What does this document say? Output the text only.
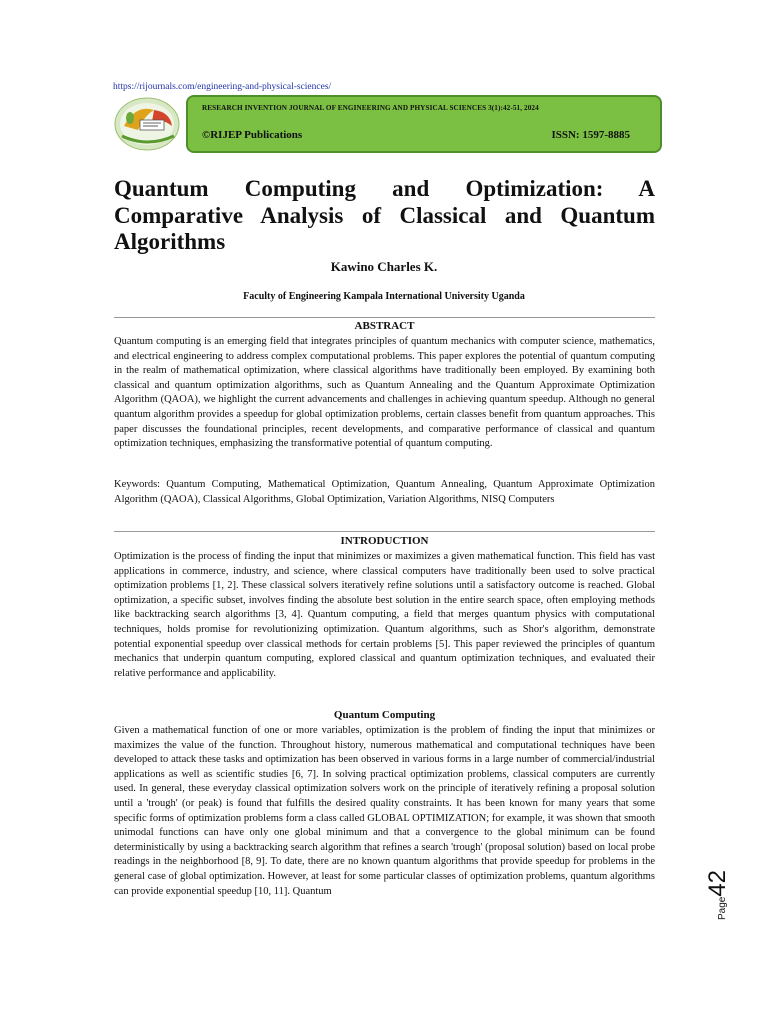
https://rijournals.com/engineering-and-physical-sciences/
RESEARCH INVENTION JOURNAL OF ENGINEERING AND PHYSICAL SCIENCES 3(1):42-51, 2024
©RIJEP Publications	ISSN: 1597-8885
Quantum Computing and Optimization: A Comparative Analysis of Classical and Quantum Algorithms
Kawino Charles K.
Faculty of Engineering Kampala International University Uganda
ABSTRACT

Quantum computing is an emerging field that integrates principles of quantum mechanics with computer science, mathematics, and electrical engineering to address complex computational problems. This paper explores the potential of quantum computing in the realm of mathematical optimization, where classical algorithms have traditionally been employed. By examining both classical and quantum optimization algorithms, such as Quantum Annealing and the Quantum Approximate Optimization Algorithm (QAOA), we highlight the current advancements and challenges in achieving quantum speedup. Although no general quantum algorithm provides a speedup for global optimization problems, certain classes benefit from quantum approaches. This paper discusses the foundational principles, recent developments, and comparative performance of classical and quantum optimization techniques, emphasizing the transformative potential of quantum computing.

Keywords: Quantum Computing, Mathematical Optimization, Quantum Annealing, Quantum Approximate Optimization Algorithm (QAOA), Classical Algorithms, Global Optimization, Variation Algorithms, NISQ Computers

INTRODUCTION

Optimization is the process of finding the input that minimizes or maximizes a given mathematical function. This field has vast applications in commerce, industry, and science, where classical computers have traditionally been used to solve practical optimization problems [1, 2]. These classical solvers iteratively refine solutions until a satisfactory outcome is reached. Global optimization, a specific subset, involves finding the absolute best solution in the entire search space, often employing methods like backtracking search algorithms [3, 4]. Quantum computing, a field that merges quantum physics with computational techniques, holds promise for revolutionizing optimization. Quantum algorithms, such as Shor's algorithm, demonstrate potential exponential speedup over classical methods for certain problems [5]. This paper reviewed the principles of quantum mechanics that underpin quantum computing, explored classical and quantum optimization techniques, and evaluated their relative performance and applicability.

Quantum Computing

Given a mathematical function of one or more variables, optimization is the problem of finding the input that minimizes or maximizes the value of the function. Throughout history, numerous mathematical and computational techniques have been developed to attack these tasks and optimization has been observed in various forms in a large number of commercial/industrial applications as well as scientific studies [6, 7]. In solving practical optimization problems, classical computers are currently used. In general, these everyday classical optimization solvers work on the principle of iteratively refining a proposal solution until a 'trough' (or peak) is found that fulfills the desired quality constraints. It has been known for many years that some specific forms of optimization problems form a class called GLOBAL OPTIMIZATION; for example, it was shown that smooth unimodal functions can have only one global minimum and that a convergence to the global minimum can be found deterministically by using a backtracking search algorithm that refines a search 'trough' (proposal solution) based on local probe readings in the neighborhood [8, 9]. To date, there are no known quantum algorithms that provide speedup for problems in the general case of global optimization. However, at least for some particular classes of optimization problems, quantum algorithms can provide exponential speedup [10, 11]. Quantum

Page42
